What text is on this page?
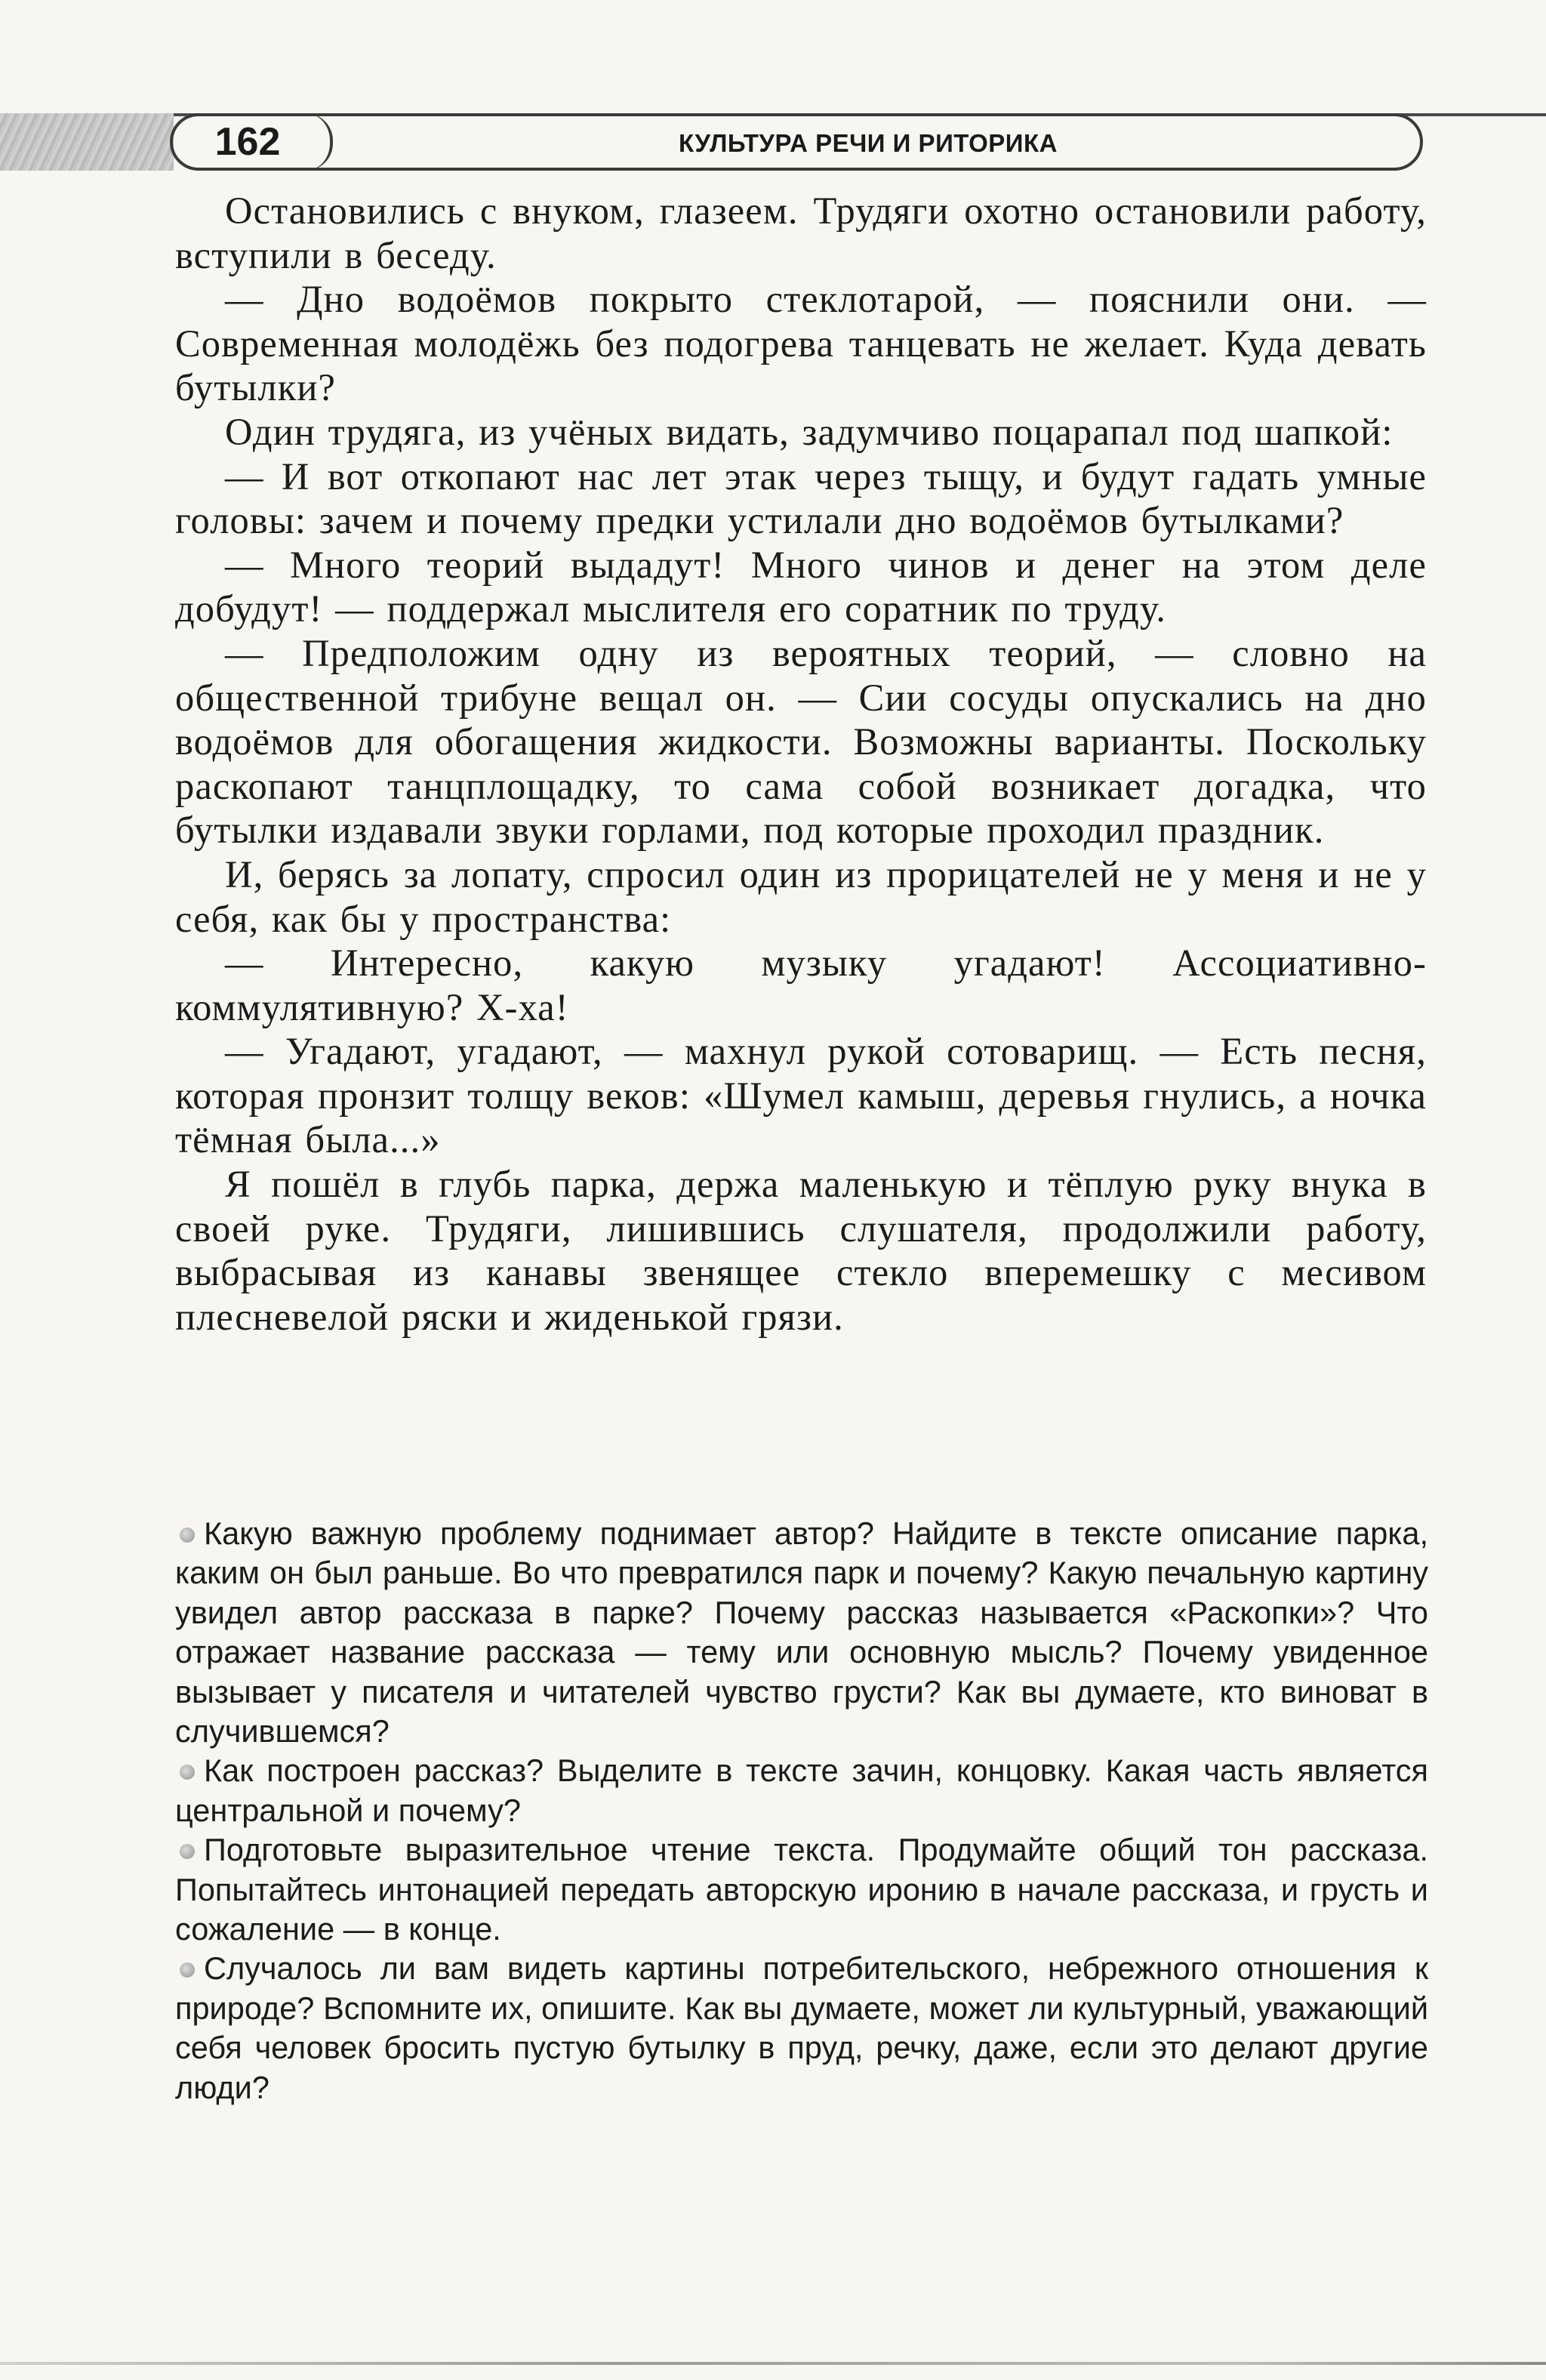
162	КУЛЬТУРА РЕЧИ И РИТОРИКА

Остановились с внуком, глазеем. Трудяги охотно остановили работу, вступили в беседу.

— Дно водоёмов покрыто стеклотарой, — пояснили они. — Современная молодёжь без подогрева танцевать не желает. Куда девать бутылки?

Один трудяга, из учёных видать, задумчиво поцарапал под шапкой:

— И вот откопают нас лет этак через тыщу, и будут гадать умные головы: зачем и почему предки устилали дно водоёмов бутылками?

— Много теорий выдадут! Много чинов и денег на этом деле добудут! — поддержал мыслителя его соратник по труду.

— Предположим одну из вероятных теорий, — словно на общественной трибуне вещал он. — Сии сосуды опускались на дно водоёмов для обогащения жидкости. Возможны варианты. Поскольку раскопают танцплощадку, то сама собой возникает догадка, что бутылки издавали звуки горлами, под которые проходил праздник.

И, берясь за лопату, спросил один из прорицателей не у меня и не у себя, как бы у пространства:

— Интересно, какую музыку угадают! Ассоциативно-коммулятивную? Х-ха!

— Угадают, угадают, — махнул рукой сотоварищ. — Есть песня, которая пронзит толщу веков: «Шумел камыш, деревья гнулись, а ночка тёмная была...»

Я пошёл в глубь парка, держа маленькую и тёплую руку внука в своей руке. Трудяги, лишившись слушателя, продолжили работу, выбрасывая из канавы звенящее стекло вперемешку с месивом плесневелой ряски и жиденькой грязи.

Какую важную проблему поднимает автор? Найдите в тексте описание парка, каким он был раньше. Во что превратился парк и почему? Какую печальную картину увидел автор рассказа в парке? Почему рассказ называется «Раскопки»? Что отражает название рассказа — тему или основную мысль? Почему увиденное вызывает у писателя и читателей чувство грусти? Как вы думаете, кто виноват в случившемся?

Как построен рассказ? Выделите в тексте зачин, концовку. Какая часть является центральной и почему?

Подготовьте выразительное чтение текста. Продумайте общий тон рассказа. Попытайтесь интонацией передать авторскую иронию в начале рассказа, и грусть и сожаление — в конце.

Случалось ли вам видеть картины потребительского, небрежного отношения к природе? Вспомните их, опишите. Как вы думаете, может ли культурный, уважающий себя человек бросить пустую бутылку в пруд, речку, даже, если это делают другие люди?
